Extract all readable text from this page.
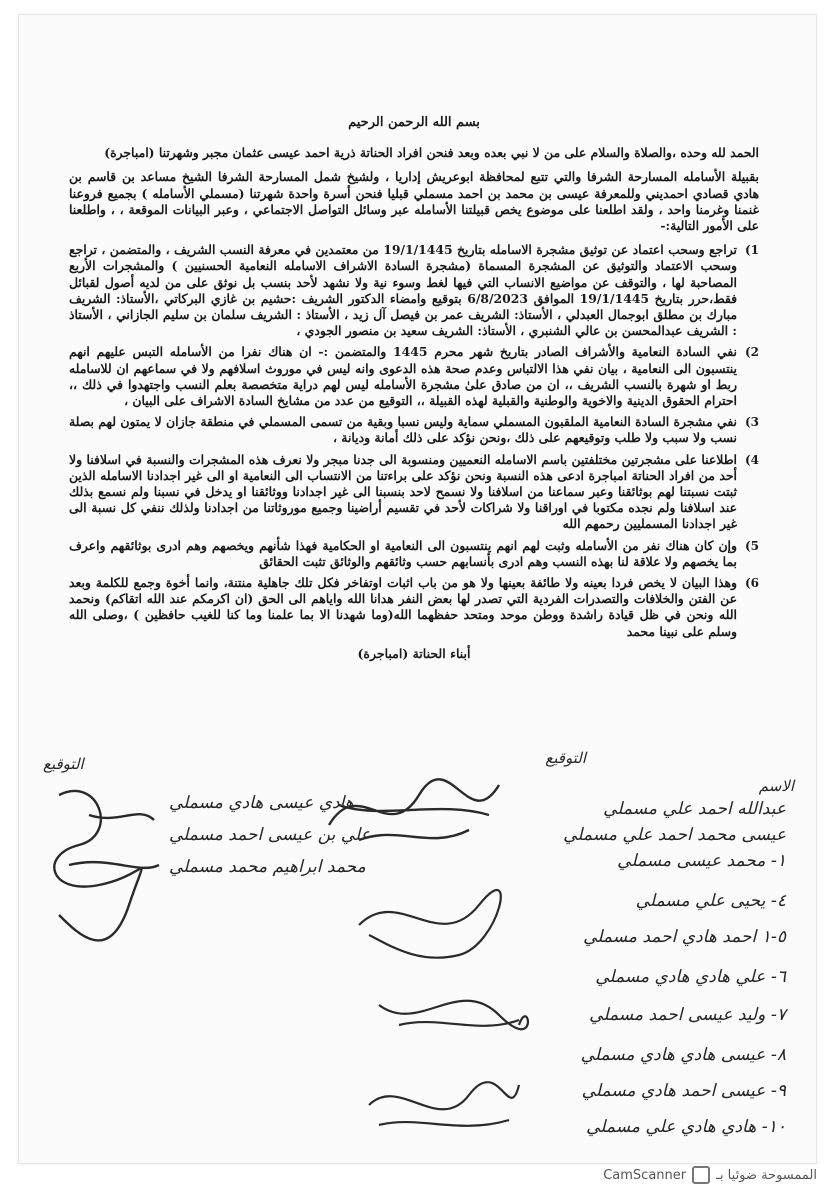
بسم الله الرحمن الرحيم

الحمد لله وحده ،والصلاة والسلام على من لا نبي بعده وبعد فنحن افراد الحناتة ذرية احمد عيسى عثمان مجبر وشهرتنا (امباجرة)

بقبيلة الأسامله المسارحة الشرفا والتي تتبع لمحافظة ابوعريش إداريا ، ولشيخ شمل المسارحة الشرفا الشيخ مساعد بن قاسم بن هادي قصادي احمديني وللمعرفة عيسى بن محمد بن احمد مسملي قبليا فنحن أسرة واحدة شهرتنا (مسملي الأسامله ) بجميع فروعنا غنمنا وغرمنا واحد ، ولقد اطلعنا على موضوع يخص قبيلتنا الأسامله عبر وسائل التواصل الاجتماعي ، وعبر البيانات الموقعة ، ، واطلعنا على الأمور التالية:-

1)
تراجع وسحب اعتماد عن توثيق مشجرة الاسامله بتاريخ 19/1/1445 من معتمدين في معرفة النسب الشريف ، والمتضمن ، تراجع وسحب الاعتماد والتوثيق عن المشجرة المسماة (مشجرة السادة الاشراف الاسامله النعامية الحسنيين ) والمشجرات الأربع المصاحبة لها ، والتوقف عن مواضيع الانساب التي فيها لغط وسوء نية ولا نشهد لأحد بنسب بل نوثق على من لديه أصول لقبائل فقط،حرر بتاريخ 19/1/1445 الموافق 6/8/2023 بتوقيع وامضاء الدكتور الشريف :حشيم بن غازي البركاتي ،الأستاذ: الشريف مبارك بن مطلق ابوجمال العبدلي ، الأستاذ: الشريف عمر بن فيصل آل زيد ، الأستاذ : الشريف سلمان بن سليم الجازاني ، الأستاذ : الشريف عبدالمحسن بن عالي الشنبري ، الأستاذ: الشريف سعيد بن منصور الجودي ،
2)
نفي السادة النعامية والأشراف الصادر بتاريخ شهر محرم 1445 والمتضمن :- ان هناك نفرا من الأسامله التبس عليهم انهم ينتسبون الى النعامية ، بيان نفي هذا الالتباس وعدم صحة هذه الدعوى وانه ليس في موروث اسلافهم ولا في سماعهم ان للاسامله ربط او شهرة بالنسب الشريف ،، ان من صادق علىٰ مشجرة الأسامله ليس لهم دراية متخصصة بعلم النسب واجتهدوا في ذلك ،، احترام الحقوق الدينية والاخوية والوطنية والقبلية لهذه القبيلة ،، التوقيع من عدد من مشايخ السادة الاشراف على البيان ،
3)
نفي مشجرة السادة النعامية الملقبون المسملي سماية وليس نسبا وبقية من تسمى المسملي في منطقة جازان لا يمتون لهم بصلة نسب ولا سبب ولا طلب وتوقيعهم على ذلك ،ونحن نؤكد على ذلك أمانة وديانة ،
4)
اطلاعنا على مشجرتين مختلفتين باسم الاسامله النعميين ومنسوبة الى جدنا مبجر ولا نعرف هذه المشجرات والنسبة في اسلافنا ولا أحد من افراد الحناتة امباجرة ادعى هذه النسبة ونحن نؤكد على براءتنا من الانتساب الى النعامية او الى غير اجدادنا الاسامله الذين ثبتت نسبتنا لهم بوثائقنا وعبر سماعنا من اسلافنا ولا نسمح لاحد بنسبنا الى غير اجدادنا ووثائقنا او يدخل في نسبنا ولم نسمع بذلك عند اسلافنا ولم نجده مكتوبا في اوراقنا ولا شراكات لأحد في تقسيم أراضينا وجميع موروثاتنا من اجدادنا ولذلك ننفي كل نسبة الى غير اجدادنا المسمليين رحمهم الله
5)
وإن كان هناك نفر من الأسامله وثبت لهم انهم ينتسبون الى النعامية او الحكامية فهذا شأنهم ويخصهم وهم ادرى بوثائقهم واعرف بما يخصهم ولا علاقة لنا بهذه النسب وهم ادرى بأنسابهم حسب وثائقهم والوثائق تثبت الحقائق
6)
وهذا البيان لا يخص فردا بعينه ولا طائفة بعينها ولا هو من باب اثبات اوتفاخر فكل تلك جاهلية منتنة، وانما أخوة وجمع للكلمة وبعد عن الفتن والخلافات والتصدرات الفردية التي تصدر لها بعض النفر هدانا الله واياهم الى الحق (ان اكرمكم عند الله اتقاكم) ونحمد الله ونحن في ظل قيادة راشدة ووطن موحد ومتحد حفظهما الله(وما شهدنا الا بما علمنا وما كنا للغيب حافظين ) ،وصلى الله وسلم على نبينا محمد
أبناء الحناتة (امباجرة)
التوقيع
التوقيع
الاسم
عبدالله احمد علي مسملي
عيسى محمد احمد علي مسملي
١- محمد عيسى مسملي
٤- يحيى علي مسملي
٥-١ احمد هادي احمد مسملي
٦- علي هادي هادي مسملي
٧- وليد عيسى احمد مسملي
٨- عيسى هادي هادي مسملي
٩- عيسى احمد هادي مسملي
١٠- هادي هادي علي مسملي
هادي عيسى هادي مسملي
علي بن عيسى احمد مسملي
محمد ابراهيم محمد مسملي
الممسوحة ضوئيا بـ
CamScanner
